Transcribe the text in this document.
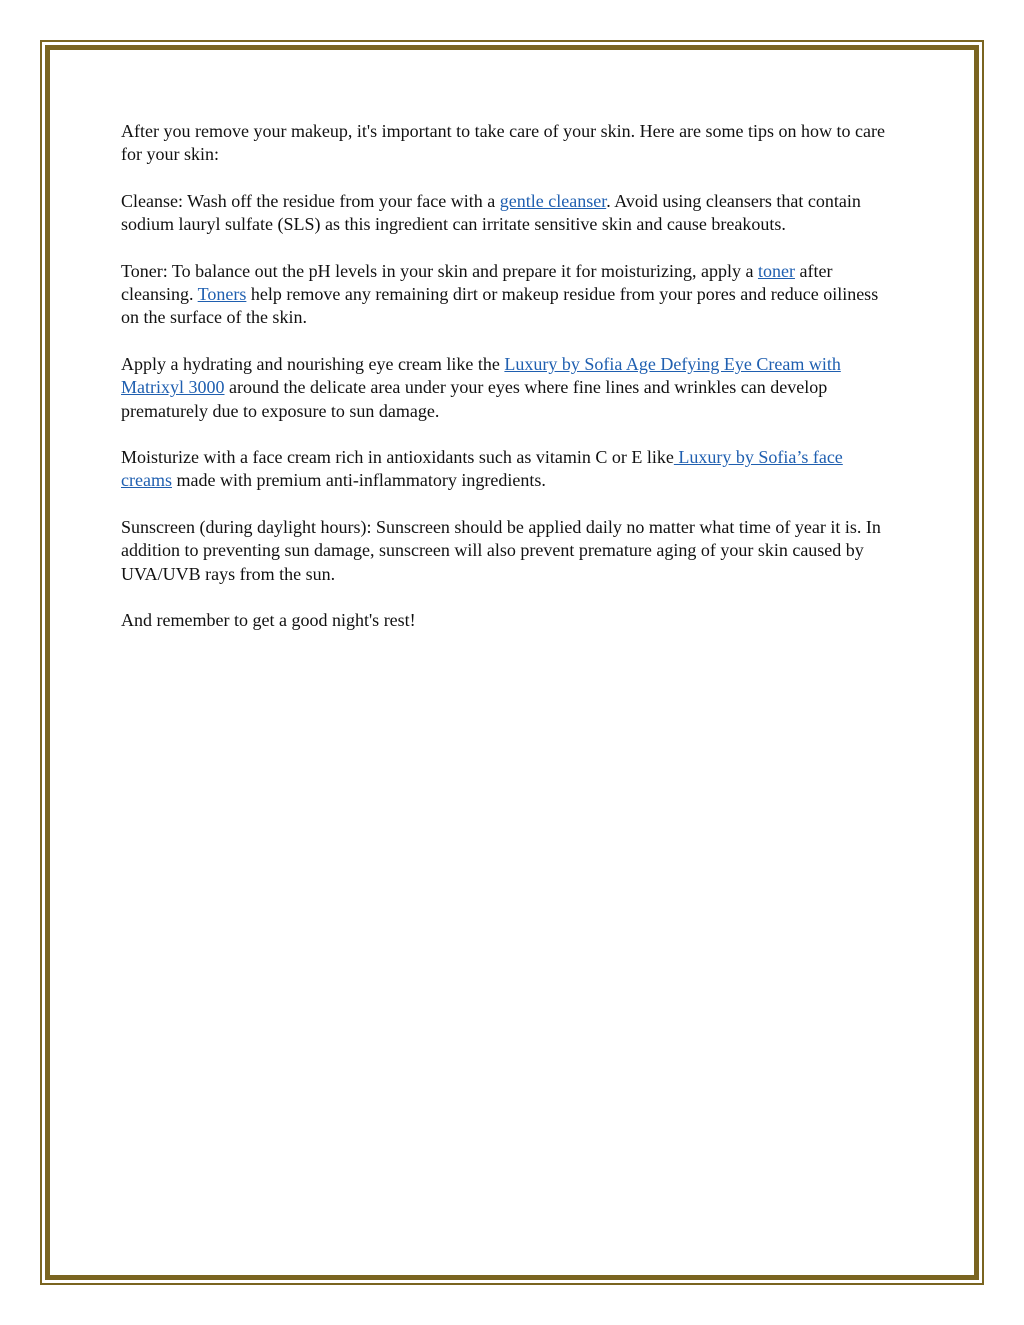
After you remove your makeup, it's important to take care of your skin. Here are some tips on how to care for your skin:

Cleanse: Wash off the residue from your face with a gentle cleanser. Avoid using cleansers that contain sodium lauryl sulfate (SLS) as this ingredient can irritate sensitive skin and cause breakouts.

Toner: To balance out the pH levels in your skin and prepare it for moisturizing, apply a toner after cleansing. Toners help remove any remaining dirt or makeup residue from your pores and reduce oiliness on the surface of the skin.

Apply a hydrating and nourishing eye cream like the Luxury by Sofia Age Defying Eye Cream with Matrixyl 3000 around the delicate area under your eyes where fine lines and wrinkles can develop prematurely due to exposure to sun damage.

Moisturize with a face cream rich in antioxidants such as vitamin C or E like Luxury by Sofia’s face creams made with premium anti-inflammatory ingredients.

Sunscreen (during daylight hours): Sunscreen should be applied daily no matter what time of year it is. In addition to preventing sun damage, sunscreen will also prevent premature aging of your skin caused by UVA/UVB rays from the sun.

And remember to get a good night's rest!
